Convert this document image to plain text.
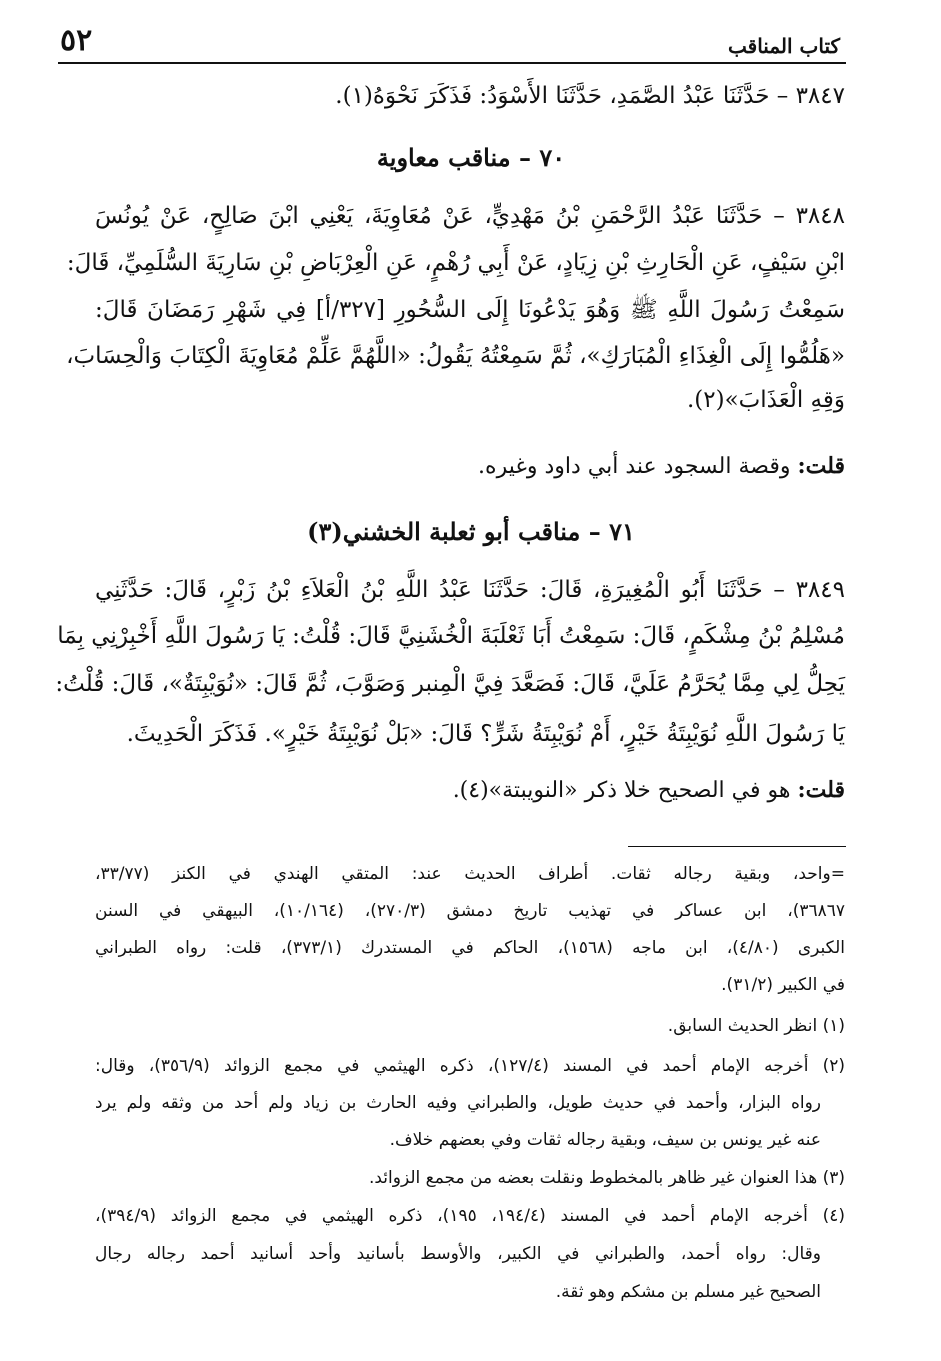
٥٢	كتاب المناقب
٣٨٤٧ – حَدَّثَنَا عَبْدُ الصَّمَدِ، حَدَّثَنَا الأَسْوَدُ: فَذَكَرَ نَحْوَهُ(١).
٧٠ – مناقب معاوية
٣٨٤٨ – حَدَّثَنَا عَبْدُ الرَّحْمَنِ بْنُ مَهْدِيٍّ، عَنْ مُعَاوِيَةَ، يَعْنِي ابْنَ صَالِحٍ، عَنْ يُونُسَ
ابْنِ سَيْفٍ، عَنِ الْحَارِثِ بْنِ زِيَادٍ، عَنْ أَبِي رُهْمٍ، عَنِ الْعِرْبَاضِ بْنِ سَارِيَةَ السُّلَمِيِّ، قَالَ:
سَمِعْتُ رَسُولَ اللَّهِ ﷺ وَهُوَ يَدْعُونَا إِلَى السُّحُورِ [٣٢٧/أ] فِي شَهْرِ رَمَضَانَ قَالَ:
«هَلُمُّوا إِلَى الْغِذَاءِ الْمُبَارَكِ»، ثُمَّ سَمِعْتُهُ يَقُولُ: «اللَّهُمَّ عَلِّمْ مُعَاوِيَةَ الْكِتَابَ وَالْحِسَابَ،
وَقِهِ الْعَذَابَ»(٢).
قلت: وقصة السجود عند أبي داود وغيره.
٧١ – مناقب أبو ثعلبة الخشني(٣)
٣٨٤٩ – حَدَّثَنَا أَبُو الْمُغِيرَةِ، قَالَ: حَدَّثَنَا عَبْدُ اللَّهِ بْنُ الْعَلاَءِ بْنُ زَبْرٍ، قَالَ: حَدَّثَنِي
مُسْلِمُ بْنُ مِشْكَمٍ، قَالَ: سَمِعْتُ أَبَا ثَعْلَبَةَ الْخُشَنِيَّ قَالَ: قُلْتُ: يَا رَسُولَ اللَّهِ أَخْبِرْنِي بِمَا
يَحِلُّ لِي مِمَّا يُحَرَّمُ عَلَيَّ، قَالَ: فَصَعَّدَ فِيَّ الْمِنبر وَصَوَّبَ، ثُمَّ قَالَ: «نُوَيْبِتَةٌ»، قَالَ: قُلْتُ:
يَا رَسُولَ اللَّهِ نُوَيْبِتَةُ خَيْرٍ، أَمْ نُوَيْبِتَةُ شَرٍّ؟ قَالَ: «بَلْ نُوَيْبِتَةُ خَيْرٍ». فَذَكَرَ الْحَدِيثَ.
قلت: هو في الصحيح خلا ذكر «النويبتة»(٤).
=واحد، وبقية رجاله ثقات. أطراف الحديث عند: المتقي الهندي في الكنز (٣٣/٧٧،
٣٦٨٦٧)، ابن عساكر في تهذيب تاريخ دمشق (٢٧٠/٣)، (١٠/١٦٤)، البيهقي في السنن
الكبرى (٤/٨٠)، ابن ماجه (١٥٦٨)، الحاكم في المستدرك (٣٧٣/١)، قلت: رواه الطبراني
في الكبير (٣١/٢).
(١) انظر الحديث السابق.
(٢) أخرجه الإمام أحمد في المسند (١٢٧/٤)، ذكره الهيثمي في مجمع الزوائد (٣٥٦/٩)، وقال:
رواه البزار، وأحمد في حديث طويل، والطبراني وفيه الحارث بن زياد ولم أحد من وثقه ولم يرد
عنه غير يونس بن سيف، وبقية رجاله ثقات وفي بعضهم خلاف.
(٣) هذا العنوان غير ظاهر بالمخطوط ونقلت بعضه من مجمع الزوائد.
(٤) أخرجه الإمام أحمد في المسند (١٩٤/٤، ١٩٥)، ذكره الهيثمي في مجمع الزوائد (٣٩٤/٩)،
وقال: رواه أحمد، والطبراني في الكبير، والأوسط بأسانيد وأحد أسانيد أحمد رجاله رجال
الصحيح غير مسلم بن مشكم وهو ثقة.
